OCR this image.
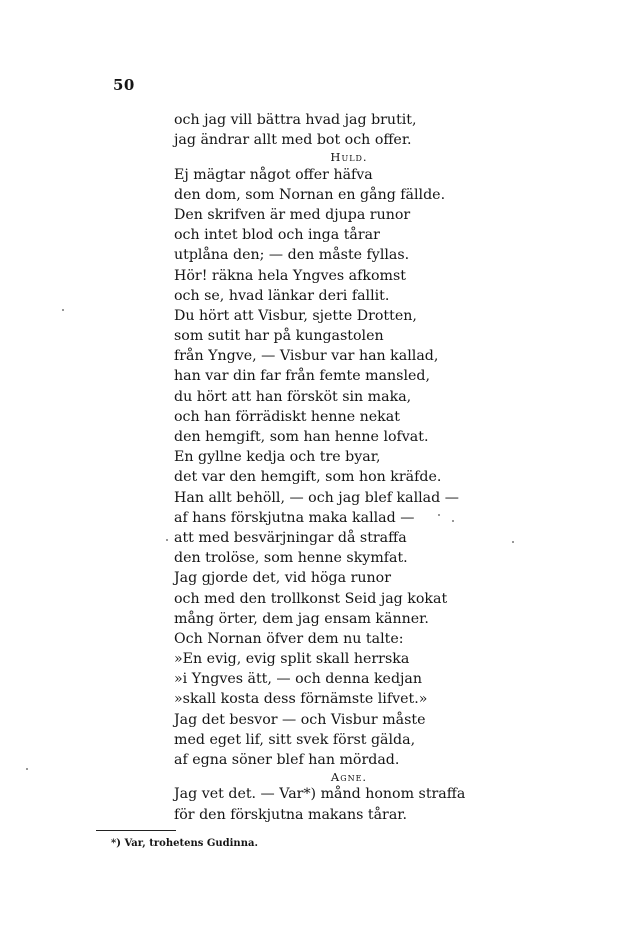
50
och jag vill bättra hvad jag brutit,
jag ändrar allt med bot och offer.
Huld.
Ej mägtar något offer häfva
den dom, som Nornan en gång fällde.
Den skrifven är med djupa runor
och intet blod och inga tårar
utplåna den; — den måste fyllas.
Hör! räkna hela Yngves afkomst
och se, hvad länkar deri fallit.
Du hört att Visbur, sjette Drotten,
som sutit har på kungastolen
från Yngve, — Visbur var han kallad,
han var din far från femte mansled,
du hört att han försköt sin maka,
och han förrädiskt henne nekat
den hemgift, som han henne lofvat.
En gyllne kedja och tre byar,
det var den hemgift, som hon kräfde.
Han allt behöll, — och jag blef kallad —
af hans förskjutna maka kallad —
att med besvärjningar då straffa
den trolöse, som henne skymfat.
Jag gjorde det, vid höga runor
och med den trollkonst Seid jag kokat
mång örter, dem jag ensam känner.
Och Nornan öfver dem nu talte:
»En evig, evig split skall herrska
»i Yngves ätt, — och denna kedjan
»skall kosta dess förnämste lifvet.»
Jag det besvor — och Visbur måste
med eget lif, sitt svek först gälda,
af egna söner blef han mördad.
Agne.
Jag vet det. — Var*) månd honom straffa
för den förskjutna makans tårar.
*) Var, trohetens Gudinna.
